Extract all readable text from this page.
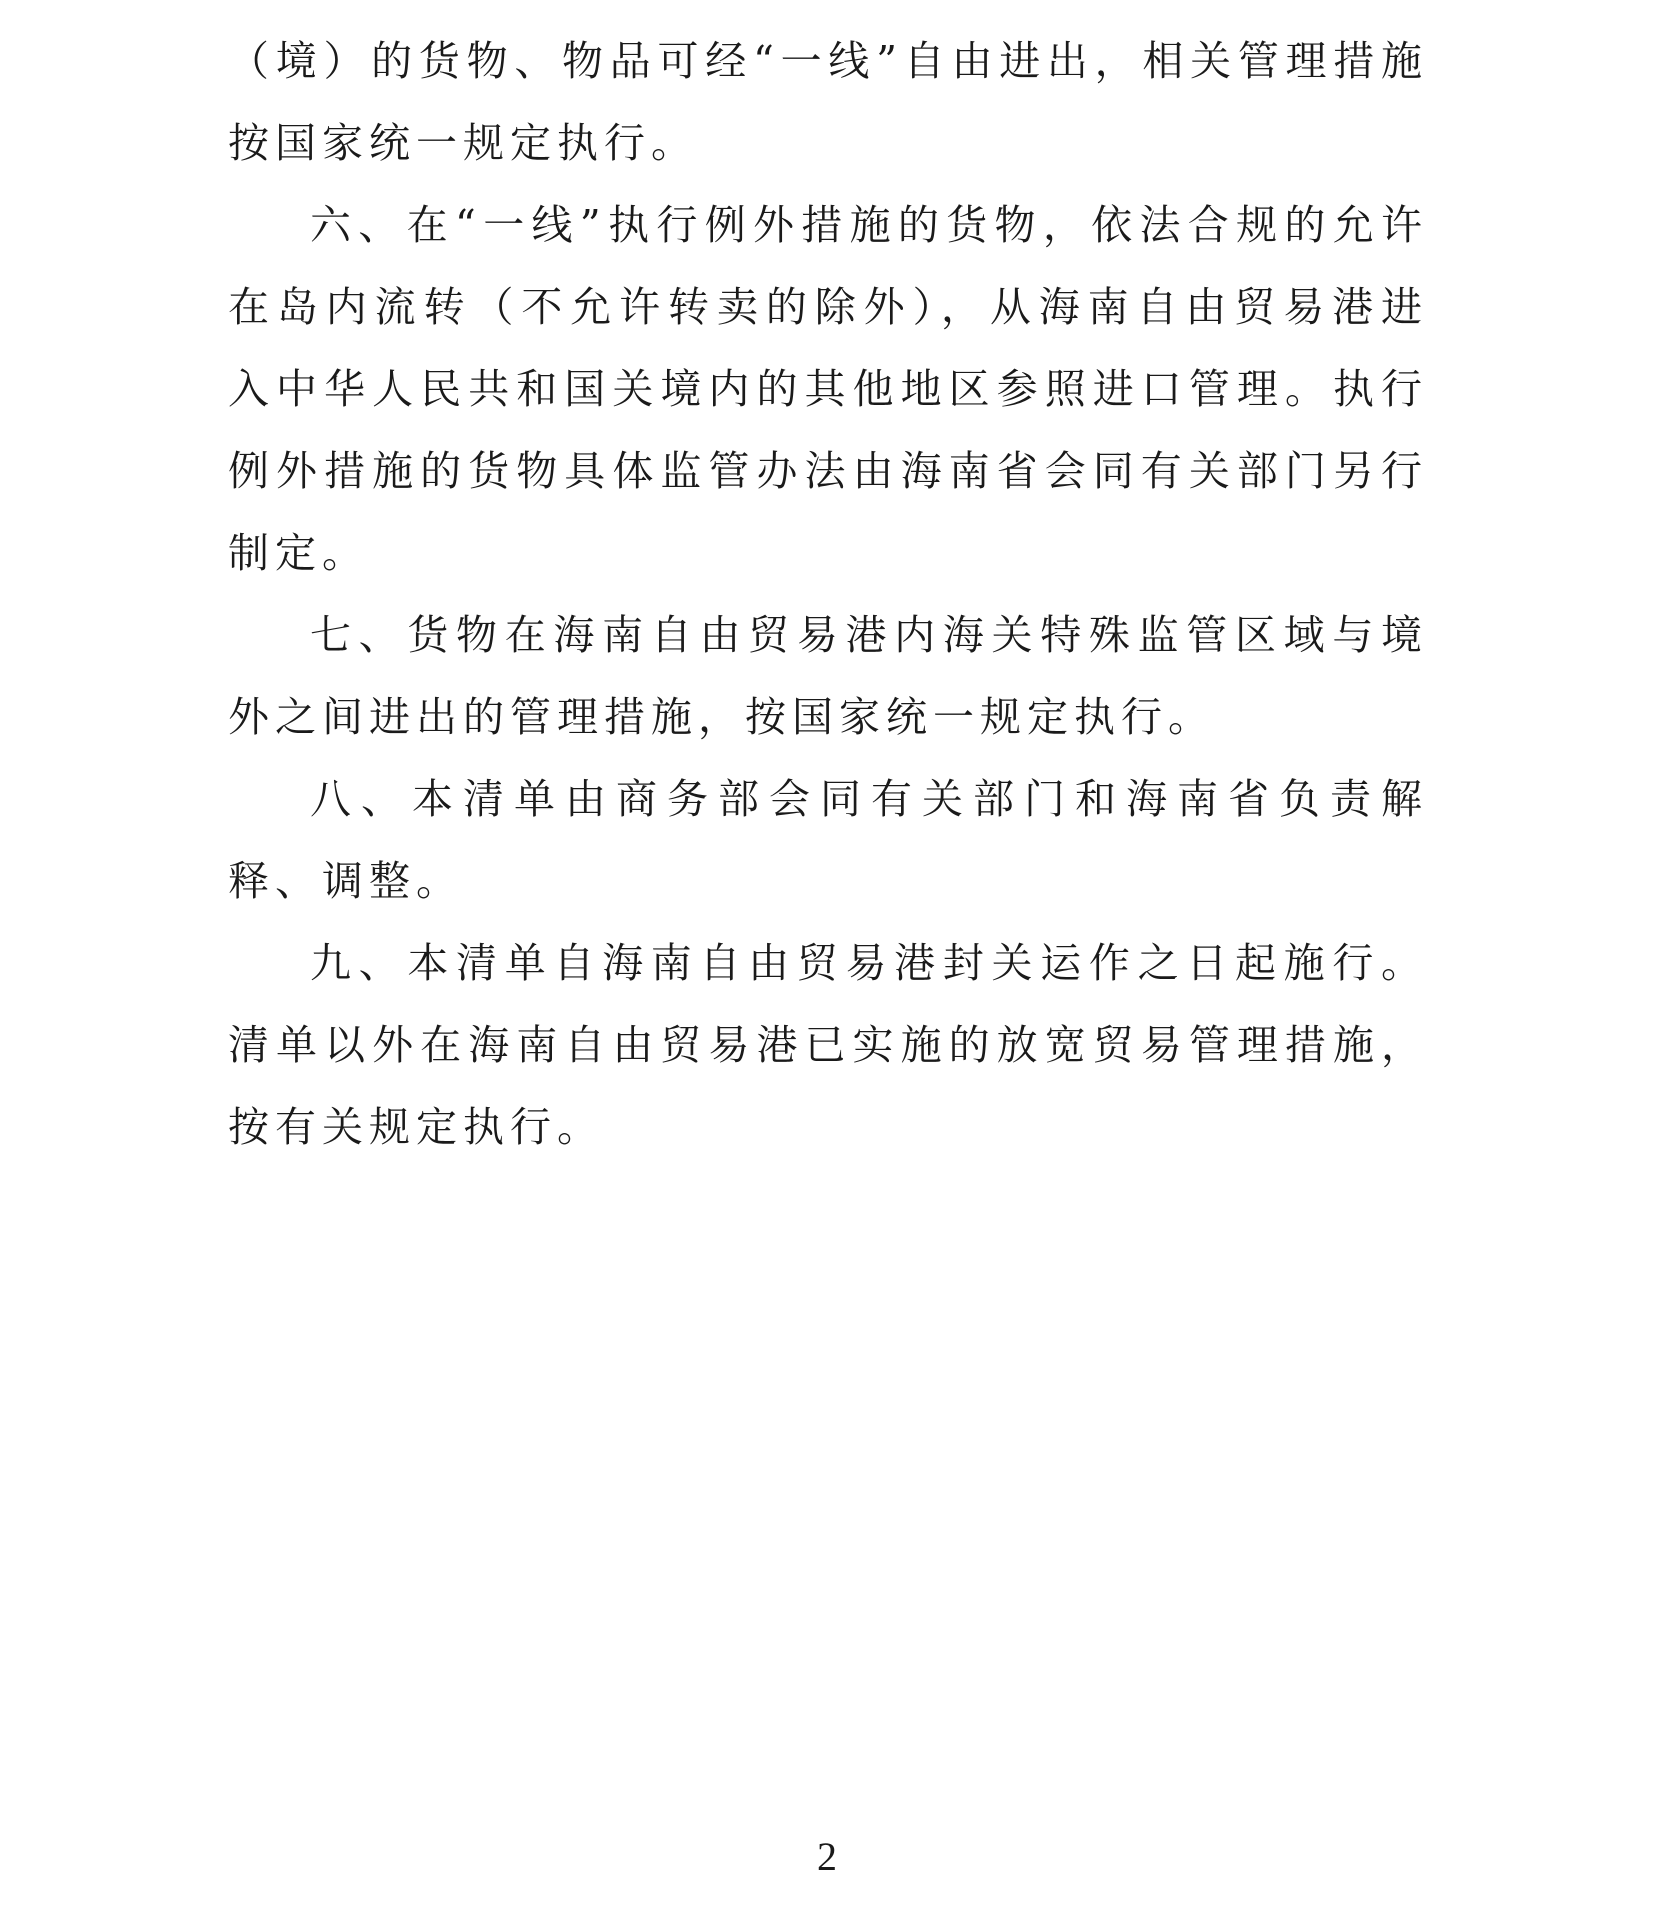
（境）的货物、物品可经“一线”自由进出，相关管理措施按国家统一规定执行。

六、在“一线”执行例外措施的货物，依法合规的允许在岛内流转（不允许转卖的除外），从海南自由贸易港进入中华人民共和国关境内的其他地区参照进口管理。执行例外措施的货物具体监管办法由海南省会同有关部门另行制定。

七、货物在海南自由贸易港内海关特殊监管区域与境外之间进出的管理措施，按国家统一规定执行。

八、本清单由商务部会同有关部门和海南省负责解释、调整。

九、本清单自海南自由贸易港封关运作之日起施行。清单以外在海南自由贸易港已实施的放宽贸易管理措施，按有关规定执行。

2
